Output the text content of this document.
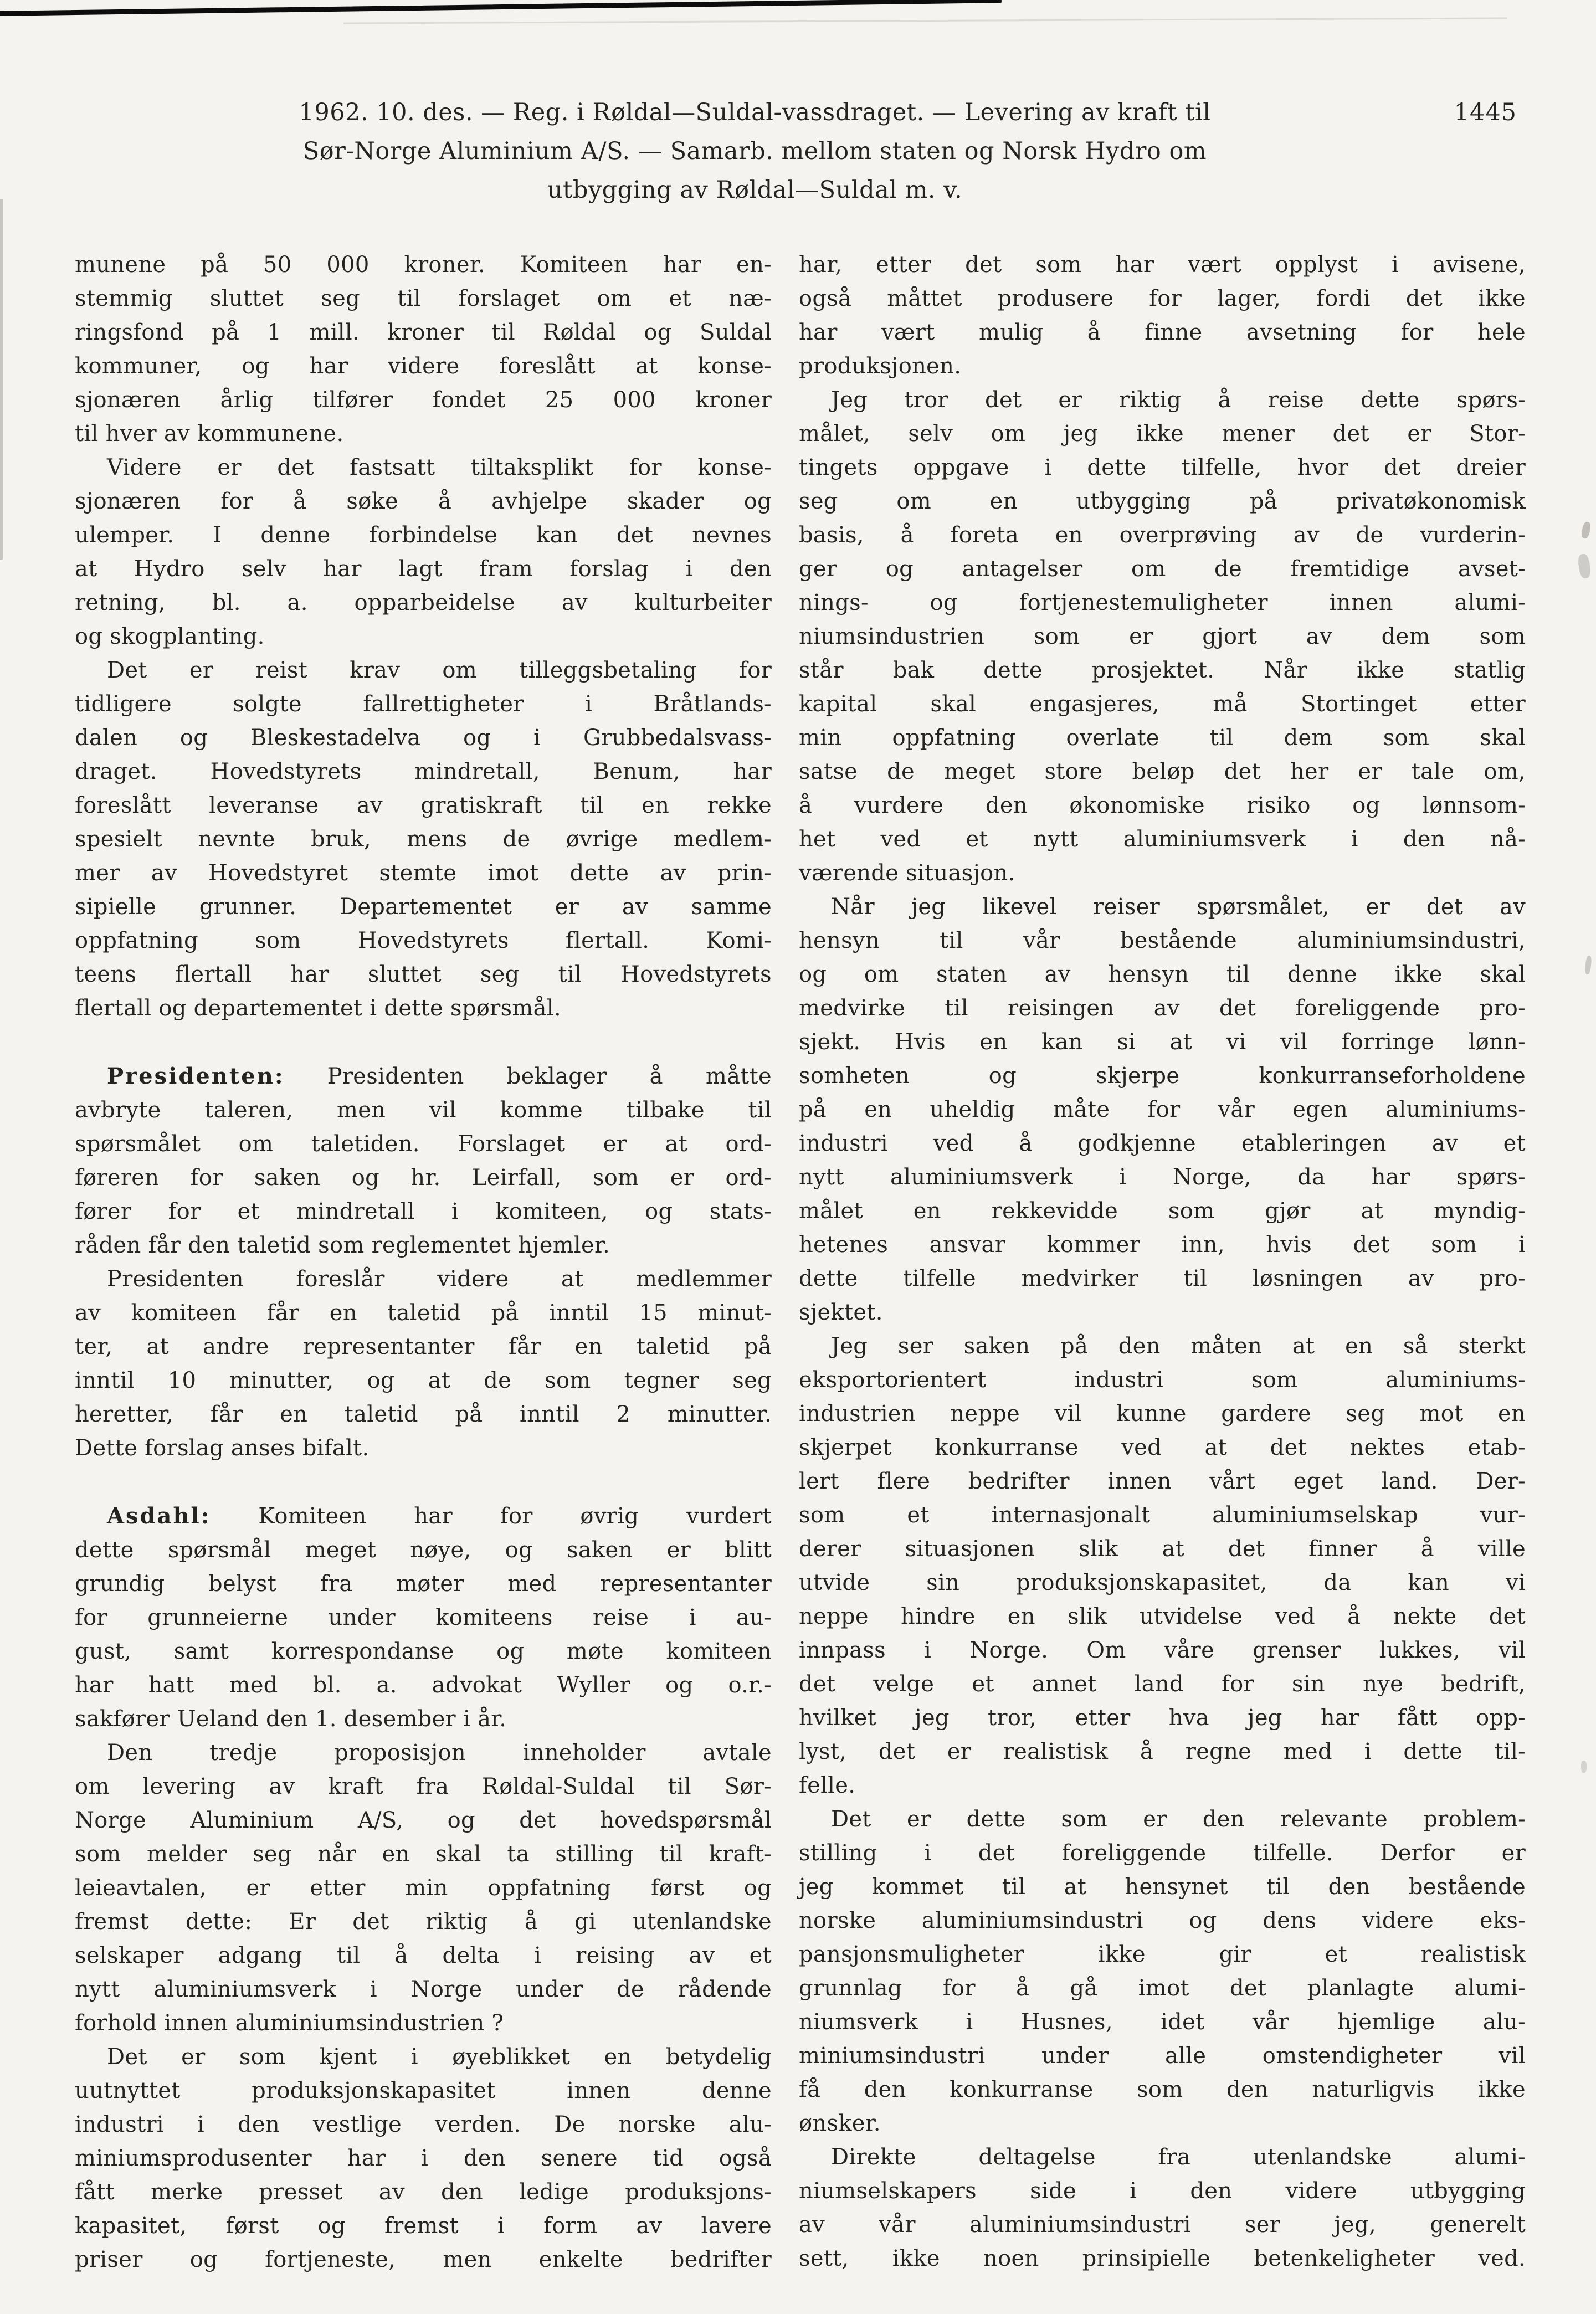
1962. 10. des. — Reg. i Røldal—Suldal-vassdraget. — Levering av kraft til
Sør-Norge Aluminium A/S. — Samarb. mellom staten og Norsk Hydro om
utbygging av Røldal—Suldal m. v.
1445
munene på 50 000 kroner. Komiteen har en-
stemmig sluttet seg til forslaget om et næ-
ringsfond på 1 mill. kroner til Røldal og Suldal
kommuner, og har videre foreslått at konse-
sjonæren årlig tilfører fondet 25 000 kroner
til hver av kommunene.
Videre er det fastsatt tiltaksplikt for konse-
sjonæren for å søke å avhjelpe skader og
ulemper. I denne forbindelse kan det nevnes
at Hydro selv har lagt fram forslag i den
retning, bl. a. opparbeidelse av kulturbeiter
og skogplanting.
Det er reist krav om tilleggsbetaling for
tidligere solgte fallrettigheter i Bråtlands-
dalen og Bleskestadelva og i Grubbedalsvass-
draget. Hovedstyrets mindretall, Benum, har
foreslått leveranse av gratiskraft til en rekke
spesielt nevnte bruk, mens de øvrige medlem-
mer av Hovedstyret stemte imot dette av prin-
sipielle grunner. Departementet er av samme
oppfatning som Hovedstyrets flertall. Komi-
teens flertall har sluttet seg til Hovedstyrets
flertall og departementet i dette spørsmål.
Presidenten: Presidenten beklager å måtte
avbryte taleren, men vil komme tilbake til
spørsmålet om taletiden. Forslaget er at ord-
føreren for saken og hr. Leirfall, som er ord-
fører for et mindretall i komiteen, og stats-
råden får den taletid som reglementet hjemler.
Presidenten foreslår videre at medlemmer
av komiteen får en taletid på inntil 15 minut-
ter, at andre representanter får en taletid på
inntil 10 minutter, og at de som tegner seg
heretter, får en taletid på inntil 2 minutter.
Dette forslag anses bifalt.
Asdahl: Komiteen har for øvrig vurdert
dette spørsmål meget nøye, og saken er blitt
grundig belyst fra møter med representanter
for grunneierne under komiteens reise i au-
gust, samt korrespondanse og møte komiteen
har hatt med bl. a. advokat Wyller og o.r.-
sakfører Ueland den 1. desember i år.
Den tredje proposisjon inneholder avtale
om levering av kraft fra Røldal-Suldal til Sør-
Norge Aluminium A/S, og det hovedspørsmål
som melder seg når en skal ta stilling til kraft-
leieavtalen, er etter min oppfatning først og
fremst dette: Er det riktig å gi utenlandske
selskaper adgang til å delta i reising av et
nytt aluminiumsverk i Norge under de rådende
forhold innen aluminiumsindustrien ?
Det er som kjent i øyeblikket en betydelig
uutnyttet produksjonskapasitet innen denne
industri i den vestlige verden. De norske alu-
miniumsprodusenter har i den senere tid også
fått merke presset av den ledige produksjons-
kapasitet, først og fremst i form av lavere
priser og fortjeneste, men enkelte bedrifter
har, etter det som har vært opplyst i avisene,
også måttet produsere for lager, fordi det ikke
har vært mulig å finne avsetning for hele
produksjonen.
Jeg tror det er riktig å reise dette spørs-
målet, selv om jeg ikke mener det er Stor-
tingets oppgave i dette tilfelle, hvor det dreier
seg om en utbygging på privatøkonomisk
basis, å foreta en overprøving av de vurderin-
ger og antagelser om de fremtidige avset-
nings- og fortjenestemuligheter innen alumi-
niumsindustrien som er gjort av dem som
står bak dette prosjektet. Når ikke statlig
kapital skal engasjeres, må Stortinget etter
min oppfatning overlate til dem som skal
satse de meget store beløp det her er tale om,
å vurdere den økonomiske risiko og lønnsom-
het ved et nytt aluminiumsverk i den nå-
værende situasjon.
Når jeg likevel reiser spørsmålet, er det av
hensyn til vår bestående aluminiumsindustri,
og om staten av hensyn til denne ikke skal
medvirke til reisingen av det foreliggende pro-
sjekt. Hvis en kan si at vi vil forringe lønn-
somheten og skjerpe konkurranseforholdene
på en uheldig måte for vår egen aluminiums-
industri ved å godkjenne etableringen av et
nytt aluminiumsverk i Norge, da har spørs-
målet en rekkevidde som gjør at myndig-
hetenes ansvar kommer inn, hvis det som i
dette tilfelle medvirker til løsningen av pro-
sjektet.
Jeg ser saken på den måten at en så sterkt
eksportorientert industri som aluminiums-
industrien neppe vil kunne gardere seg mot en
skjerpet konkurranse ved at det nektes etab-
lert flere bedrifter innen vårt eget land. Der-
som et internasjonalt aluminiumselskap vur-
derer situasjonen slik at det finner å ville
utvide sin produksjonskapasitet, da kan vi
neppe hindre en slik utvidelse ved å nekte det
innpass i Norge. Om våre grenser lukkes, vil
det velge et annet land for sin nye bedrift,
hvilket jeg tror, etter hva jeg har fått opp-
lyst, det er realistisk å regne med i dette til-
felle.
Det er dette som er den relevante problem-
stilling i det foreliggende tilfelle. Derfor er
jeg kommet til at hensynet til den bestående
norske aluminiumsindustri og dens videre eks-
pansjonsmuligheter ikke gir et realistisk
grunnlag for å gå imot det planlagte alumi-
niumsverk i Husnes, idet vår hjemlige alu-
miniumsindustri under alle omstendigheter vil
få den konkurranse som den naturligvis ikke
ønsker.
Direkte deltagelse fra utenlandske alumi-
niumselskapers side i den videre utbygging
av vår aluminiumsindustri ser jeg, generelt
sett, ikke noen prinsipielle betenkeligheter ved.
